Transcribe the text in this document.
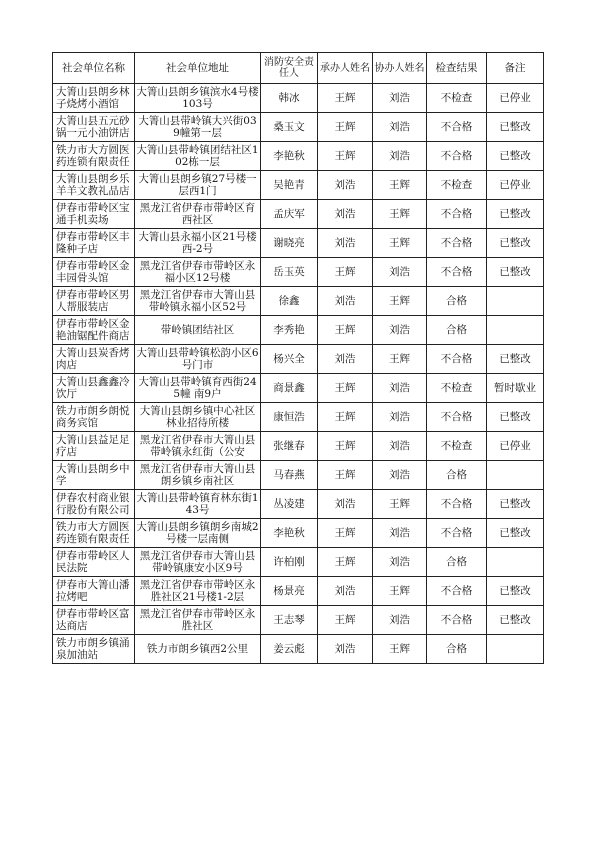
社会单位名称	社会单位地址	消防安全责任人	承办人姓名	协办人姓名	检查结果	备注
大箐山县朗乡林子烧烤小酒馆	大箐山县朗乡镇滨水4号楼103号	韩冰	王辉	刘浩	不检查	已停业
大箐山县五元砂锅一元小油饼店	大箐山县带岭镇大兴街039幢第一层	桑玉文	王辉	刘浩	不合格	已整改
铁力市大方圆医药连锁有限责任	大箐山县带岭镇团结社区102栋一层	李艳秋	王辉	刘浩	不合格	已整改
大箐山县朗乡乐羊羊文教礼品店	大箐山县朗乡镇27号楼一层西1门	吴艳青	刘浩	王辉	不检查	已停业
伊春市带岭区宝通手机卖场	黑龙江省伊春市带岭区育西社区	孟庆军	刘浩	王辉	不合格	已整改
伊春市带岭区丰隆种子店	大箐山县永福小区21号楼西-2号	谢晓亮	刘浩	王辉	不合格	已整改
伊春市带岭区金丰园骨头馆	黑龙江省伊春市带岭区永福小区12号楼	岳玉英	王辉	刘浩	不合格	已整改
伊春市带岭区男人帮服装店	黑龙江省伊春市大箐山县带岭镇永福小区52号	徐鑫	刘浩	王辉	合格	
伊春市带岭区金艳油锯配件商店	带岭镇团结社区	李秀艳	王辉	刘浩	合格	
大箐山县炭香烤肉店	大箐山县带岭镇松韵小区6号门市	杨兴全	刘浩	王辉	不合格	已整改
大箐山县鑫鑫冷饮厅	大箐山县带岭镇育西街245幢 南9户	商景鑫	王辉	刘浩	不检查	暂时歇业
铁力市朗乡朗悦商务宾馆	大箐山县朗乡镇中心社区林业招待所楼	康恒浩	王辉	刘浩	不合格	已整改
大箐山县益足足疗店	黑龙江省伊春市大箐山县带岭镇永红街（公安	张继春	王辉	刘浩	不检查	已停业
大箐山县朗乡中学	黑龙江省伊春市大箐山县朗乡镇乡南社区	马春燕	王辉	刘浩	合格	
伊春农村商业银行股份有限公司	大箐山县带岭镇育林东街143号	丛凌建	刘浩	王辉	不合格	已整改
铁力市大方圆医药连锁有限责任	大箐山县朗乡镇朗乡南城2号楼一层南侧	李艳秋	王辉	刘浩	不合格	已整改
伊春市带岭区人民法院	黑龙江省伊春市大箐山县带岭镇康安小区9号	许柏刚	王辉	刘浩	合格	
伊春市大箐山潘拉烤吧	黑龙江省伊春市带岭区永胜社区21号楼1-2层	杨景亮	刘浩	王辉	不合格	已整改
伊春市带岭区富达商店	黑龙江省伊春市带岭区永胜社区	王志琴	王辉	刘浩	不合格	已整改
铁力市朗乡镇涌泉加油站	铁力市朗乡镇西2公里	姜云彪	刘浩	王辉	合格	
